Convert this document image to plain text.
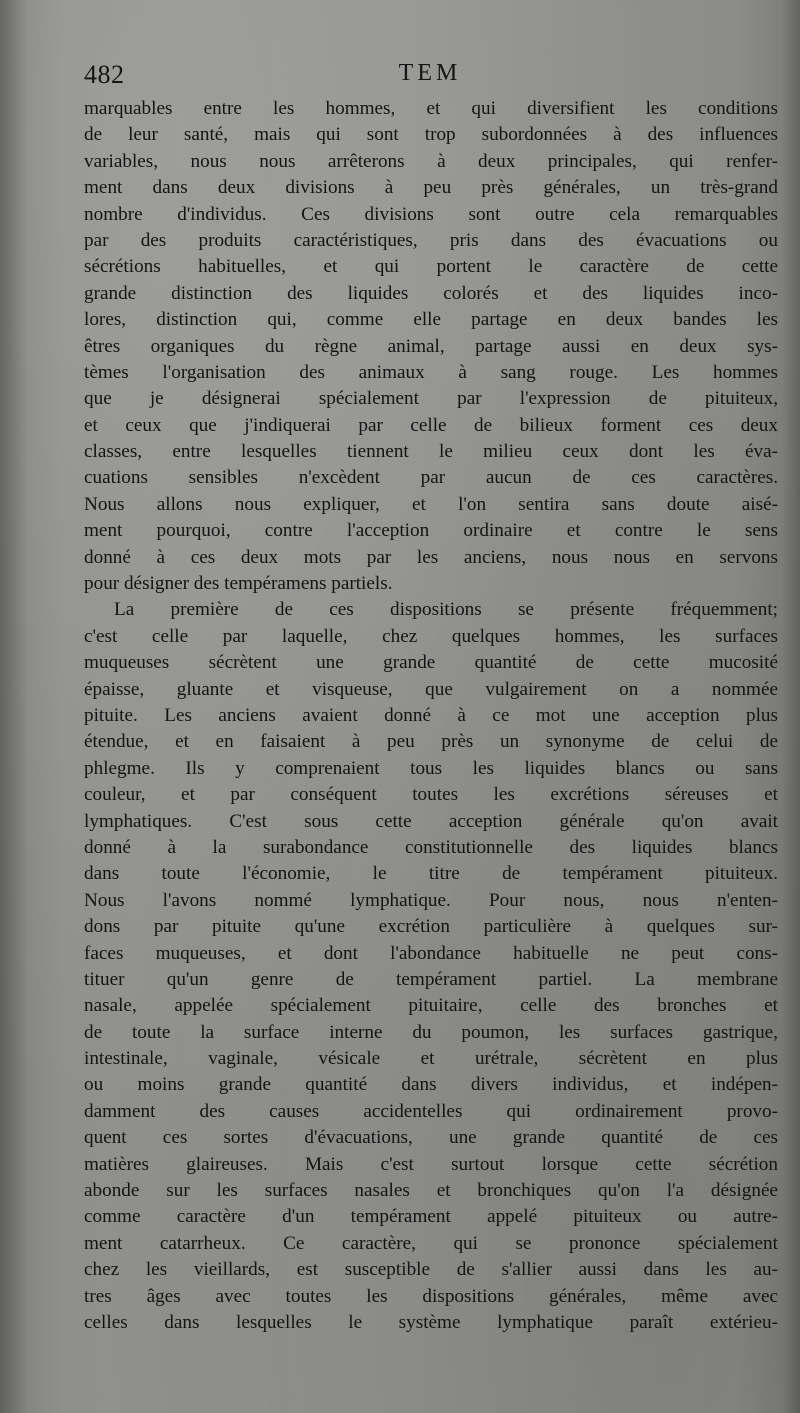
482	TEM
marquables entre les hommes, et qui diversifient les conditions
de leur santé, mais qui sont trop subordonnées à des influences
variables, nous nous arrêterons à deux principales, qui renfer-
ment dans deux divisions à peu près générales, un très-grand
nombre d'individus. Ces divisions sont outre cela remarquables
par des produits caractéristiques, pris dans des évacuations ou
sécrétions habituelles, et qui portent le caractère de cette
grande distinction des liquides colorés et des liquides inco-
lores, distinction qui, comme elle partage en deux bandes les
êtres organiques du règne animal, partage aussi en deux sys-
tèmes l'organisation des animaux à sang rouge. Les hommes
que je désignerai spécialement par l'expression de pituiteux,
et ceux que j'indiquerai par celle de bilieux forment ces deux
classes, entre lesquelles tiennent le milieu ceux dont les éva-
cuations sensibles n'excèdent par aucun de ces caractères.
Nous allons nous expliquer, et l'on sentira sans doute aisé-
ment pourquoi, contre l'acception ordinaire et contre le sens
donné à ces deux mots par les anciens, nous nous en servons
pour désigner des tempéramens partiels.
La première de ces dispositions se présente fréquemment;
c'est celle par laquelle, chez quelques hommes, les surfaces
muqueuses sécrètent une grande quantité de cette mucosité
épaisse, gluante et visqueuse, que vulgairement on a nommée
pituite. Les anciens avaient donné à ce mot une acception plus
étendue, et en faisaient à peu près un synonyme de celui de
phlegme. Ils y comprenaient tous les liquides blancs ou sans
couleur, et par conséquent toutes les excrétions séreuses et
lymphatiques. C'est sous cette acception générale qu'on avait
donné à la surabondance constitutionnelle des liquides blancs
dans toute l'économie, le titre de tempérament pituiteux.
Nous l'avons nommé lymphatique. Pour nous, nous n'enten-
dons par pituite qu'une excrétion particulière à quelques sur-
faces muqueuses, et dont l'abondance habituelle ne peut cons-
tituer qu'un genre de tempérament partiel. La membrane
nasale, appelée spécialement pituitaire, celle des bronches et
de toute la surface interne du poumon, les surfaces gastrique,
intestinale, vaginale, vésicale et urétrale, sécrètent en plus
ou moins grande quantité dans divers individus, et indépen-
damment des causes accidentelles qui ordinairement provo-
quent ces sortes d'évacuations, une grande quantité de ces
matières glaireuses. Mais c'est surtout lorsque cette sécrétion
abonde sur les surfaces nasales et bronchiques qu'on l'a désignée
comme caractère d'un tempérament appelé pituiteux ou autre-
ment catarrheux. Ce caractère, qui se prononce spécialement
chez les vieillards, est susceptible de s'allier aussi dans les au-
tres âges avec toutes les dispositions générales, même avec
celles dans lesquelles le système lymphatique paraît extérieu-
